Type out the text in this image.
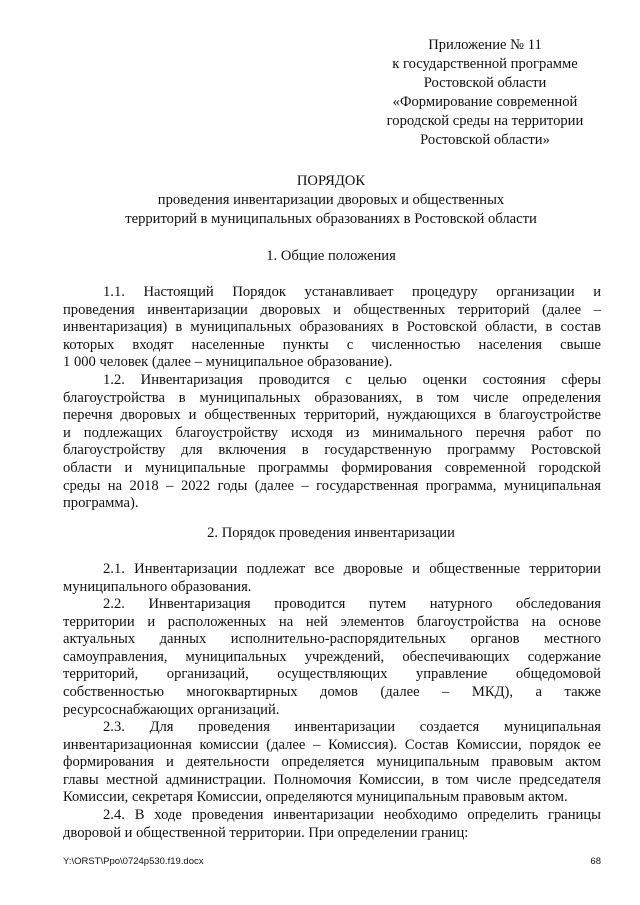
Приложение № 11
к государственной программе
Ростовской области
«Формирование современной
городской среды на территории
Ростовской области»
ПОРЯДОК
проведения инвентаризации дворовых и общественных
территорий в муниципальных образованиях в Ростовской области
1. Общие положения
1.1. Настоящий Порядок устанавливает процедуру организации и
проведения инвентаризации дворовых и общественных территорий (далее –
инвентаризация) в муниципальных образованиях в Ростовской области, в состав
которых входят населенные пункты с численностью населения свыше
1 000 человек (далее – муниципальное образование).
1.2. Инвентаризация проводится с целью оценки состояния сферы
благоустройства в муниципальных образованиях, в том числе определения
перечня дворовых и общественных территорий, нуждающихся в благоустройстве
и подлежащих благоустройству исходя из минимального перечня работ по
благоустройству для включения в государственную программу Ростовской
области и муниципальные программы формирования современной городской
среды на 2018 – 2022 годы (далее – государственная программа, муниципальная
программа).
2. Порядок проведения инвентаризации
2.1. Инвентаризации подлежат все дворовые и общественные территории
муниципального образования.
2.2. Инвентаризация проводится путем натурного обследования
территории и расположенных на ней элементов благоустройства на основе
актуальных данных исполнительно-распорядительных органов местного
самоуправления, муниципальных учреждений, обеспечивающих содержание
территорий, организаций, осуществляющих управление общедомовой
собственностью многоквартирных домов (далее – МКД), а также
ресурсоснабжающих организаций.
2.3. Для проведения инвентаризации создается муниципальная
инвентаризационная комиссии (далее – Комиссия). Состав Комиссии, порядок ее
формирования и деятельности определяется муниципальным правовым актом
главы местной администрации. Полномочия Комиссии, в том числе председателя
Комиссии, секретаря Комиссии, определяются муниципальным правовым актом.
2.4. В ходе проведения инвентаризации необходимо определить границы
дворовой и общественной территории. При определении границ:
Y:\ORST\Ppo\0724p530.f19.docx	68
